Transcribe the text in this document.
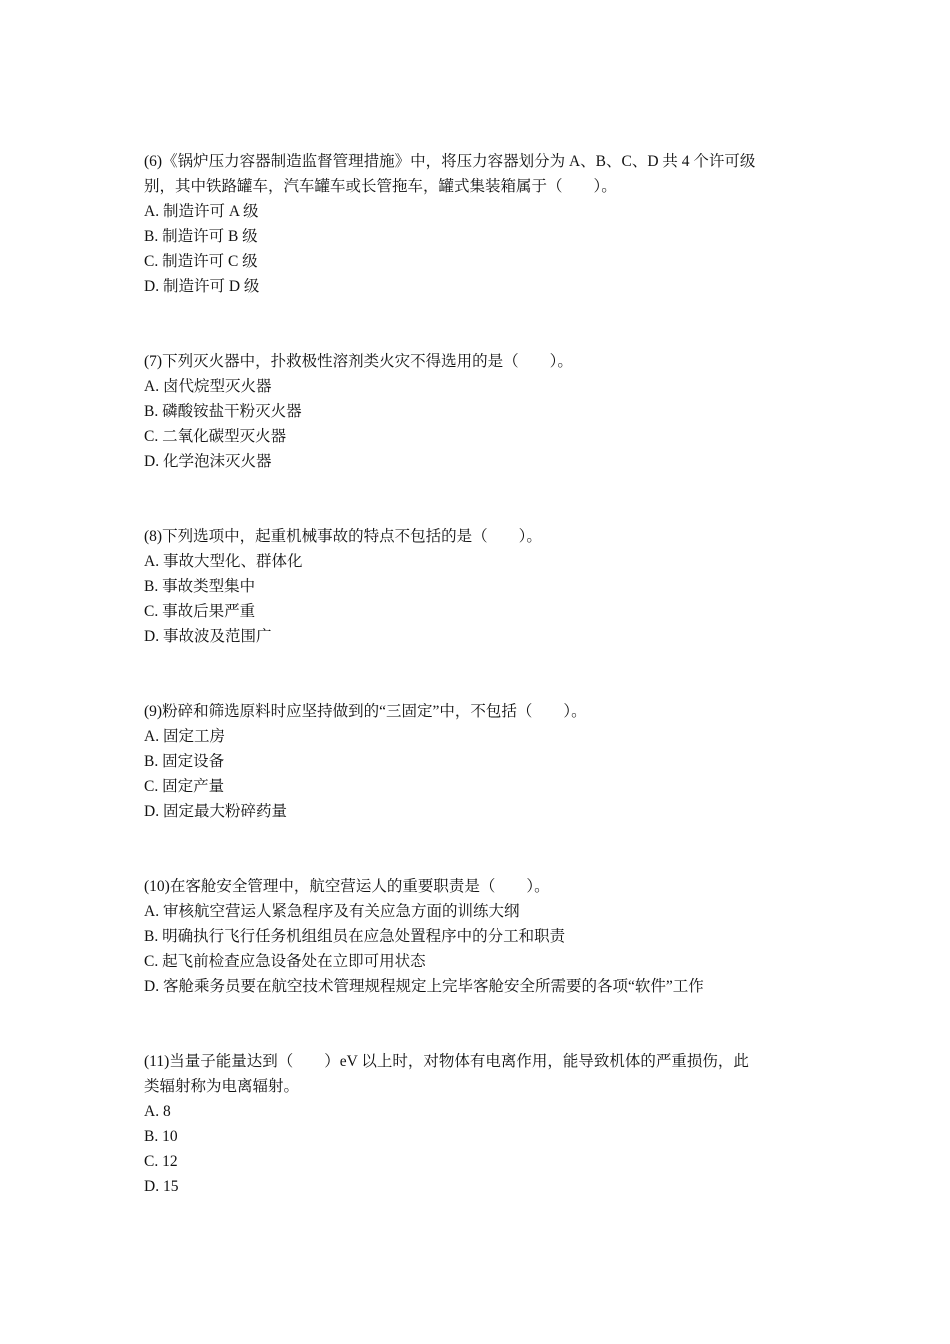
(6)《锅炉压力容器制造监督管理措施》中，将压力容器划分为 A、B、C、D 共 4 个许可级
别，其中铁路罐车，汽车罐车或长管拖车，罐式集装箱属于（　　）。
A. 制造许可 A 级
B. 制造许可 B 级
C. 制造许可 C 级
D. 制造许可 D 级
(7)下列灭火器中，扑救极性溶剂类火灾不得选用的是（　　）。
A. 卤代烷型灭火器
B. 磷酸铵盐干粉灭火器
C. 二氧化碳型灭火器
D. 化学泡沫灭火器
(8)下列选项中，起重机械事故的特点不包括的是（　　）。
A. 事故大型化、群体化
B. 事故类型集中
C. 事故后果严重
D. 事故波及范围广
(9)粉碎和筛选原料时应坚持做到的“三固定”中，不包括（　　）。
A. 固定工房
B. 固定设备
C. 固定产量
D. 固定最大粉碎药量
(10)在客舱安全管理中，航空营运人的重要职责是（　　）。
A. 审核航空营运人紧急程序及有关应急方面的训练大纲
B. 明确执行飞行任务机组组员在应急处置程序中的分工和职责
C. 起飞前检查应急设备处在立即可用状态
D. 客舱乘务员要在航空技术管理规程规定上完毕客舱安全所需要的各项“软件”工作
(11)当量子能量达到（　　）eV 以上时，对物体有电离作用，能导致机体的严重损伤，此
类辐射称为电离辐射。
A. 8
B. 10
C. 12
D. 15
